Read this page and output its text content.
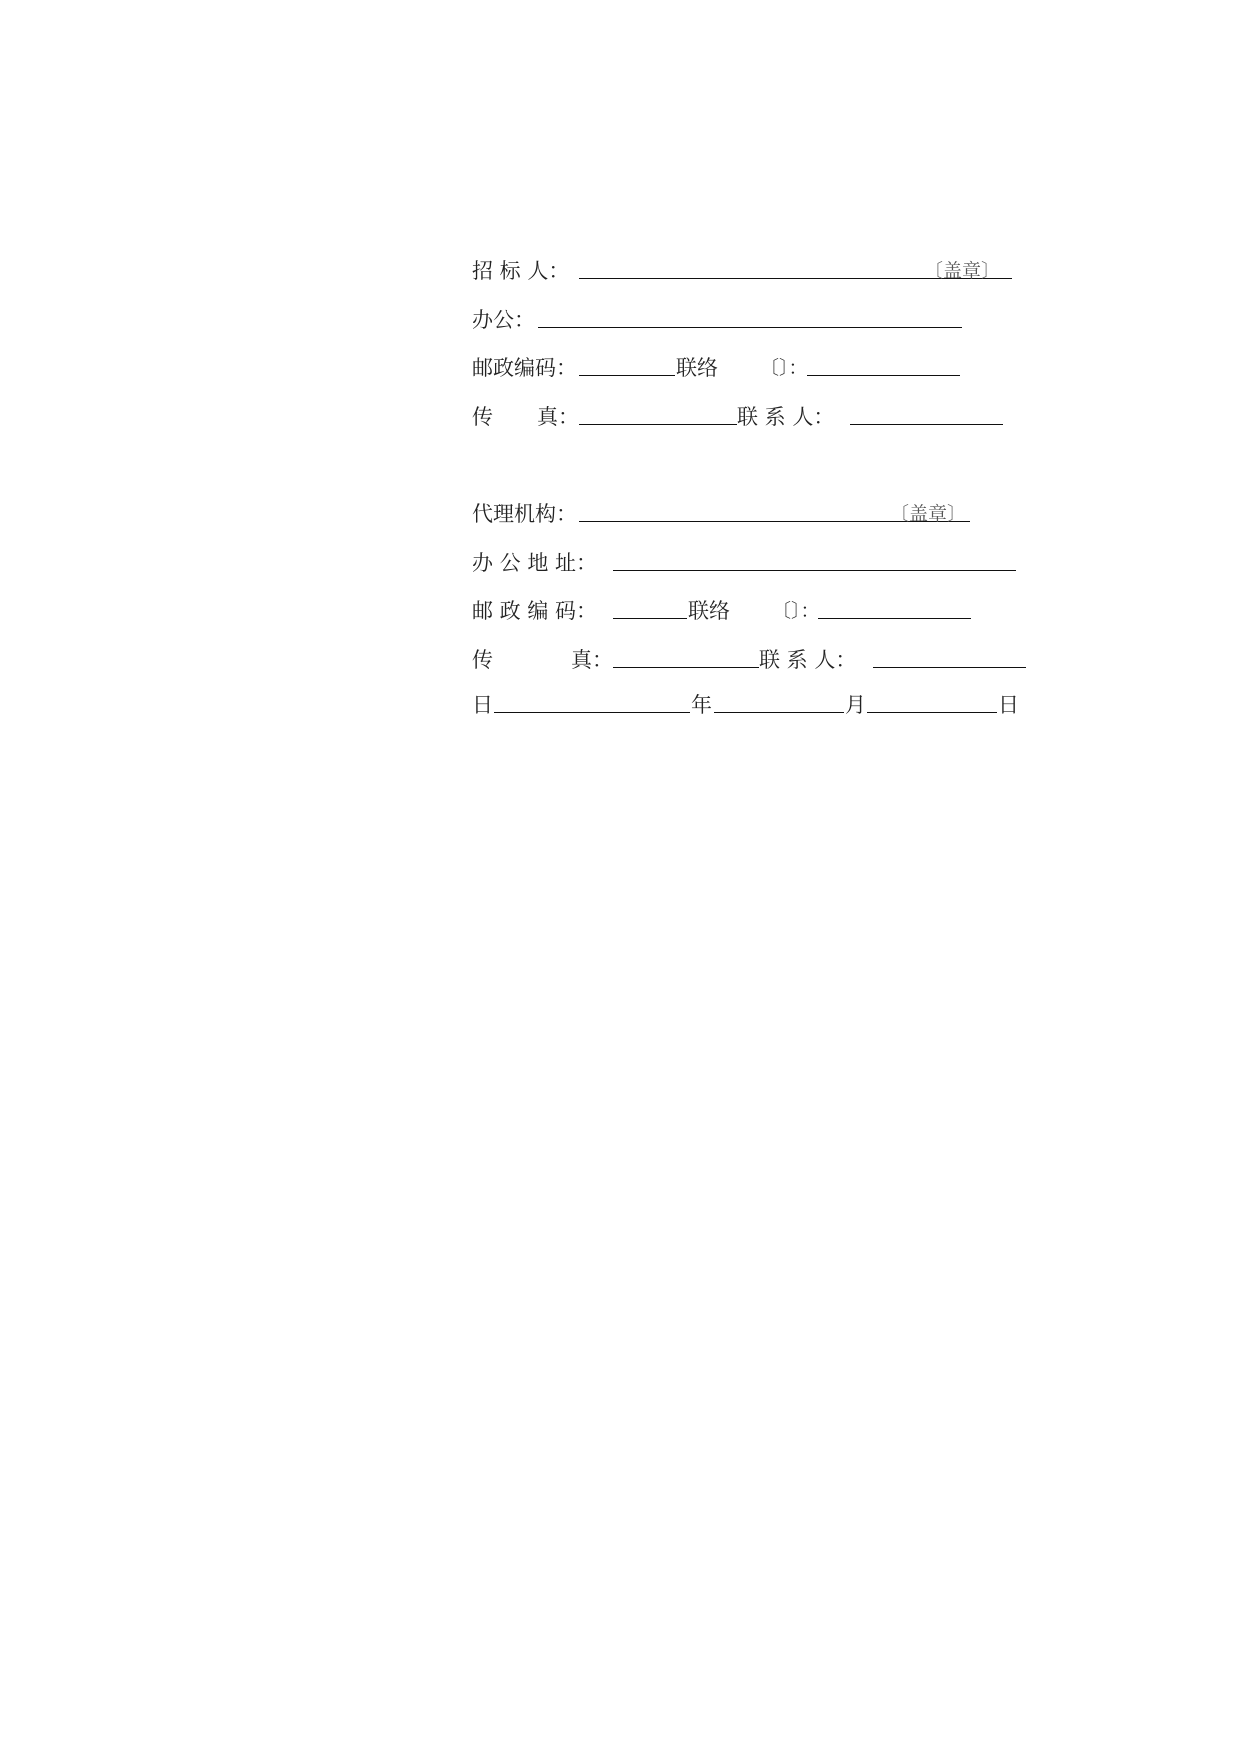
招 标 人：	〔盖章〕
办公：
邮政编码：	联络 〔〕：
传 真：	联 系 人：
代理机构：	〔盖章〕
办 公 地 址：
邮 政 编 码：	联络 〔〕：
传	真：	联 系 人：
日	年	月	日
